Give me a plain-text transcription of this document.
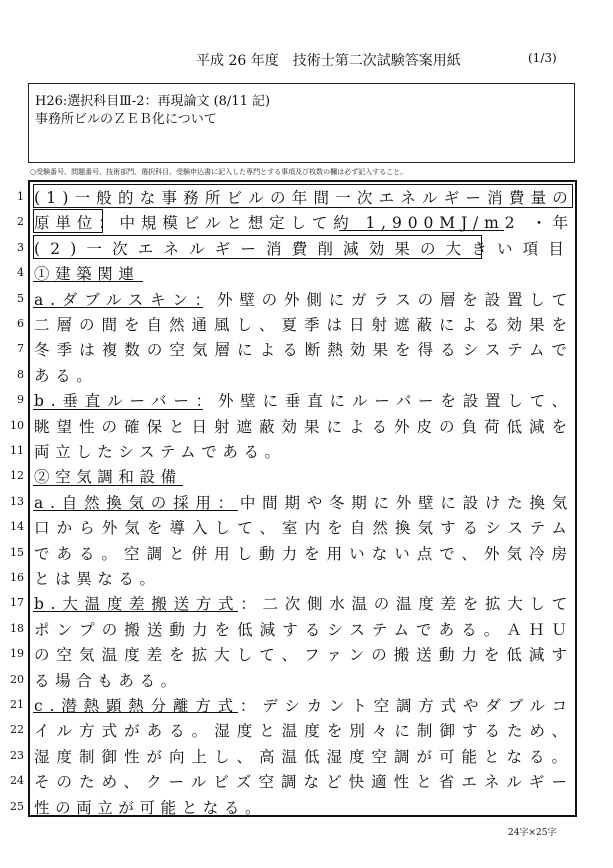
平成 26 年度　技術士第二次試験答案用紙	(1/3)
H26:選択科目Ⅲ-2：再現論文 (8/11 記)
事務所ビルのＺＥＢ化について
○受験番号、問題番号、技術部門、選択科目、受験申込書に記入した専門とする事項及び枚数の欄は必ず記入すること。
24字×25字
1 (1)一般的な事務所ビルの年間一次エネルギー消費量の
2 原単位：中規模ビルと想定して約 1,900MJ/m2 ・年
3 (2)一次エネルギー消費削減効果の大きい項目
4 ①建築関連
5 a.ダブルスキン：外壁の外側にガラスの層を設置して
6 二層の間を自然通風し、夏季は日射遮蔽による効果を
7 冬季は複数の空気層による断熱効果を得るシステムで
8 ある。
9 b.垂直ルーバー：外壁に垂直にルーバーを設置して、
10 眺望性の確保と日射遮蔽効果による外皮の負荷低減を
11 両立したシステムである。
12 ②空気調和設備
13 a.自然換気の採用：中間期や冬期に外壁に設けた換気
14 口から外気を導入して、室内を自然換気するシステム
15 である。空調と併用し動力を用いない点で、外気冷房
16 とは異なる。
17 b.大温度差搬送方式：二次側水温の温度差を拡大して
18 ポンプの搬送動力を低減するシステムである。ＡＨＵ
19 の空気温度差を拡大して、ファンの搬送動力を低減す
20 る場合もある。
21 c.潜熱顕熱分離方式：デシカント空調方式やダブルコ
22 イル方式がある。湿度と温度を別々に制御するため、
23 湿度制御性が向上し、高温低湿度空調が可能となる。
24 そのため、クールビズ空調など快適性と省エネルギー
25 性の両立が可能となる。
